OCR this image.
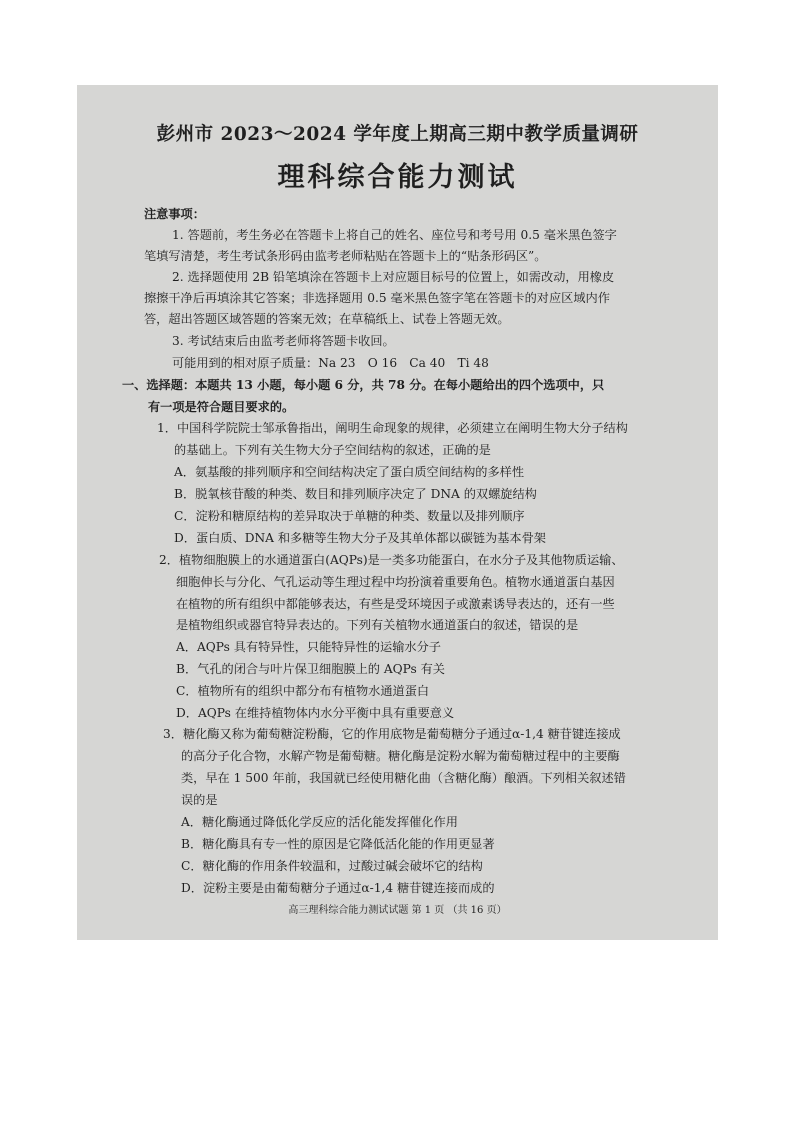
彭州市 2023～2024 学年度上期高三期中教学质量调研
理科综合能力测试
注意事项：
1. 答题前，考生务必在答题卡上将自己的姓名、座位号和考号用 0.5 毫米黑色签字
笔填写清楚，考生考试条形码由监考老师粘贴在答题卡上的“贴条形码区”。
2. 选择题使用 2B 铅笔填涂在答题卡上对应题目标号的位置上，如需改动，用橡皮
擦擦干净后再填涂其它答案；非选择题用 0.5 毫米黑色签字笔在答题卡的对应区域内作
答，超出答题区域答题的答案无效；在草稿纸上、试卷上答题无效。
3. 考试结束后由监考老师将答题卡收回。
可能用到的相对原子质量：Na 23　O 16　Ca 40　Ti 48
一、选择题：本题共 13 小题，每小题 6 分，共 78 分。在每小题给出的四个选项中，只
有一项是符合题目要求的。
1．中国科学院院士邹承鲁指出，阐明生命现象的规律，必须建立在阐明生物大分子结构
的基础上。下列有关生物大分子空间结构的叙述，正确的是
A．氨基酸的排列顺序和空间结构决定了蛋白质空间结构的多样性
B．脱氧核苷酸的种类、数目和排列顺序决定了 DNA 的双螺旋结构
C．淀粉和糖原结构的差异取决于单糖的种类、数量以及排列顺序
D．蛋白质、DNA 和多糖等生物大分子及其单体都以碳链为基本骨架
2．植物细胞膜上的水通道蛋白(AQPs)是一类多功能蛋白，在水分子及其他物质运输、
细胞伸长与分化、气孔运动等生理过程中均扮演着重要角色。植物水通道蛋白基因
在植物的所有组织中都能够表达，有些是受环境因子或激素诱导表达的，还有一些
是植物组织或器官特异表达的。下列有关植物水通道蛋白的叙述，错误的是
A．AQPs 具有特异性，只能特异性的运输水分子
B．气孔的闭合与叶片保卫细胞膜上的 AQPs 有关
C．植物所有的组织中都分布有植物水通道蛋白
D．AQPs 在维持植物体内水分平衡中具有重要意义
3．糖化酶又称为葡萄糖淀粉酶，它的作用底物是葡萄糖分子通过α-1,4 糖苷键连接成
的高分子化合物，水解产物是葡萄糖。糖化酶是淀粉水解为葡萄糖过程中的主要酶
类，早在 1 500 年前，我国就已经使用糖化曲（含糖化酶）酿酒。下列相关叙述错
误的是
A．糖化酶通过降低化学反应的活化能发挥催化作用
B．糖化酶具有专一性的原因是它降低活化能的作用更显著
C．糖化酶的作用条件较温和，过酸过碱会破坏它的结构
D．淀粉主要是由葡萄糖分子通过α-1,4 糖苷键连接而成的
高三理科综合能力测试试题 第 1 页 （共 16 页）
